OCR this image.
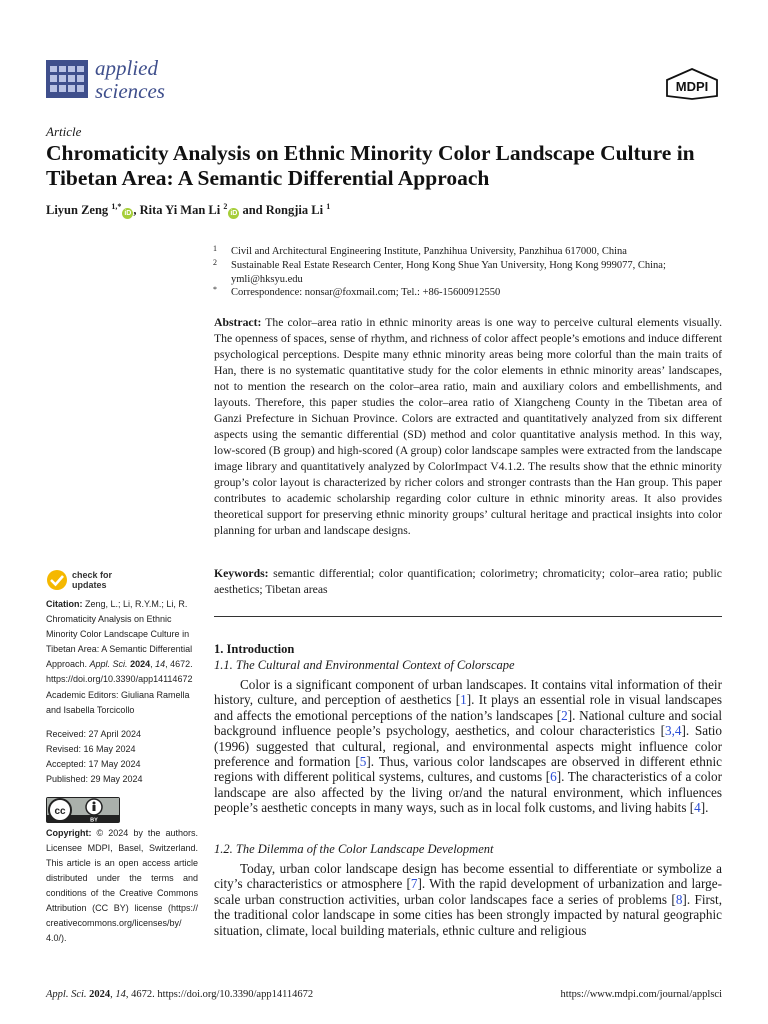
applied
sciences	MDPI
Article
Chromaticity Analysis on Ethnic Minority Color Landscape Culture in Tibetan Area: A Semantic Differential Approach
Liyun Zeng $^{1,*}$iD , Rita Yi Man Li $^2$iD and Rongjia Li $^1$
1 Civil and Architectural Engineering Institute, Panzhihua University, Panzhihua 617000, China
2 Sustainable Real Estate Research Center, Hong Kong Shue Yan University, Hong Kong 999077, China;
ymli@hksyu.edu
* Correspondence: nonsar@foxmail.com; Tel.: +86-15600912550
Abstract: The color–area ratio in ethnic minority areas is one way to perceive cultural elements visually. The openness of spaces, sense of rhythm, and richness of color affect people’s emotions and induce different psychological perceptions. Despite many ethnic minority areas being more colorful than the main traits of Han, there is no systematic quantitative study for the color elements in ethnic minority areas’ landscapes, not to mention the research on the color–area ratio, main and auxiliary colors and embellishments, and layouts. Therefore, this paper studies the color–area ratio of Xiangcheng County in the Tibetan area of Ganzi Prefecture in Sichuan Province. Colors are extracted and quantitatively analyzed from six different aspects using the semantic differential (SD) method and color quantitative analysis method. In this way, low-scored (B group) and high-scored (A group) color landscape samples were extracted from the landscape image library and quantitatively analyzed by ColorImpact V4.1.2. The results show that the ethnic minority group’s color layout is characterized by richer colors and stronger contrasts than the Han group. This paper contributes to academic scholarship regarding color culture in ethnic minority areas. It also provides theoretical support for preserving ethnic minority groups’ cultural heritage and practical insights into color planning for urban and landscape designs.
Keywords: semantic differential; color quantification; colorimetry; chromaticity; color–area ratio; public aesthetics; Tibetan areas
check for
updates
Citation: Zeng, L.; Li, R.Y.M.; Li, R. Chromaticity Analysis on Ethnic Minority Color Landscape Culture in Tibetan Area: A Semantic Differential Approach. Appl. Sci. 2024, 14, 4672. https://doi.org/10.3390/app14114672
Academic Editors: Giuliana Ramella and Isabella Torcicollo
Received: 27 April 2024
Revised: 16 May 2024
Accepted: 17 May 2024
Published: 29 May 2024
cc
BY
Copyright: © 2024 by the authors. Licensee MDPI, Basel, Switzerland. This article is an open access article distributed under the terms and conditions of the Creative Commons Attribution (CC BY) license (https:// creativecommons.org/licenses/by/ 4.0/).
1. Introduction
1.1. The Cultural and Environmental Context of Colorscape
Color is a significant component of urban landscapes. It contains vital information of their history, culture, and perception of aesthetics [1]. It plays an essential role in visual landscapes and affects the emotional perceptions of the nation’s landscapes [2]. National culture and social background influence people’s psychology, aesthetics, and colour characteristics [3,4]. Satio (1996) suggested that cultural, regional, and environmental aspects might influence color preference and formation [5]. Thus, various color landscapes are observed in different ethnic regions with different political systems, cultures, and customs [6]. The characteristics of a color landscape are also affected by the living or/and the natural environment, which influences people’s aesthetic concepts in many ways, such as in local folk customs, and living habits [4].
1.2. The Dilemma of the Color Landscape Development
Today, urban color landscape design has become essential to differentiate or symbolize a city’s characteristics or atmosphere [7]. With the rapid development of urbanization and large-scale urban construction activities, urban color landscapes face a series of problems [8]. First, the traditional color landscape in some cities has been strongly impacted by natural geographic situation, climate, local building materials, ethnic culture and religious
Appl. Sci. 2024, 14, 4672. https://doi.org/10.3390/app14114672	https://www.mdpi.com/journal/applsci
